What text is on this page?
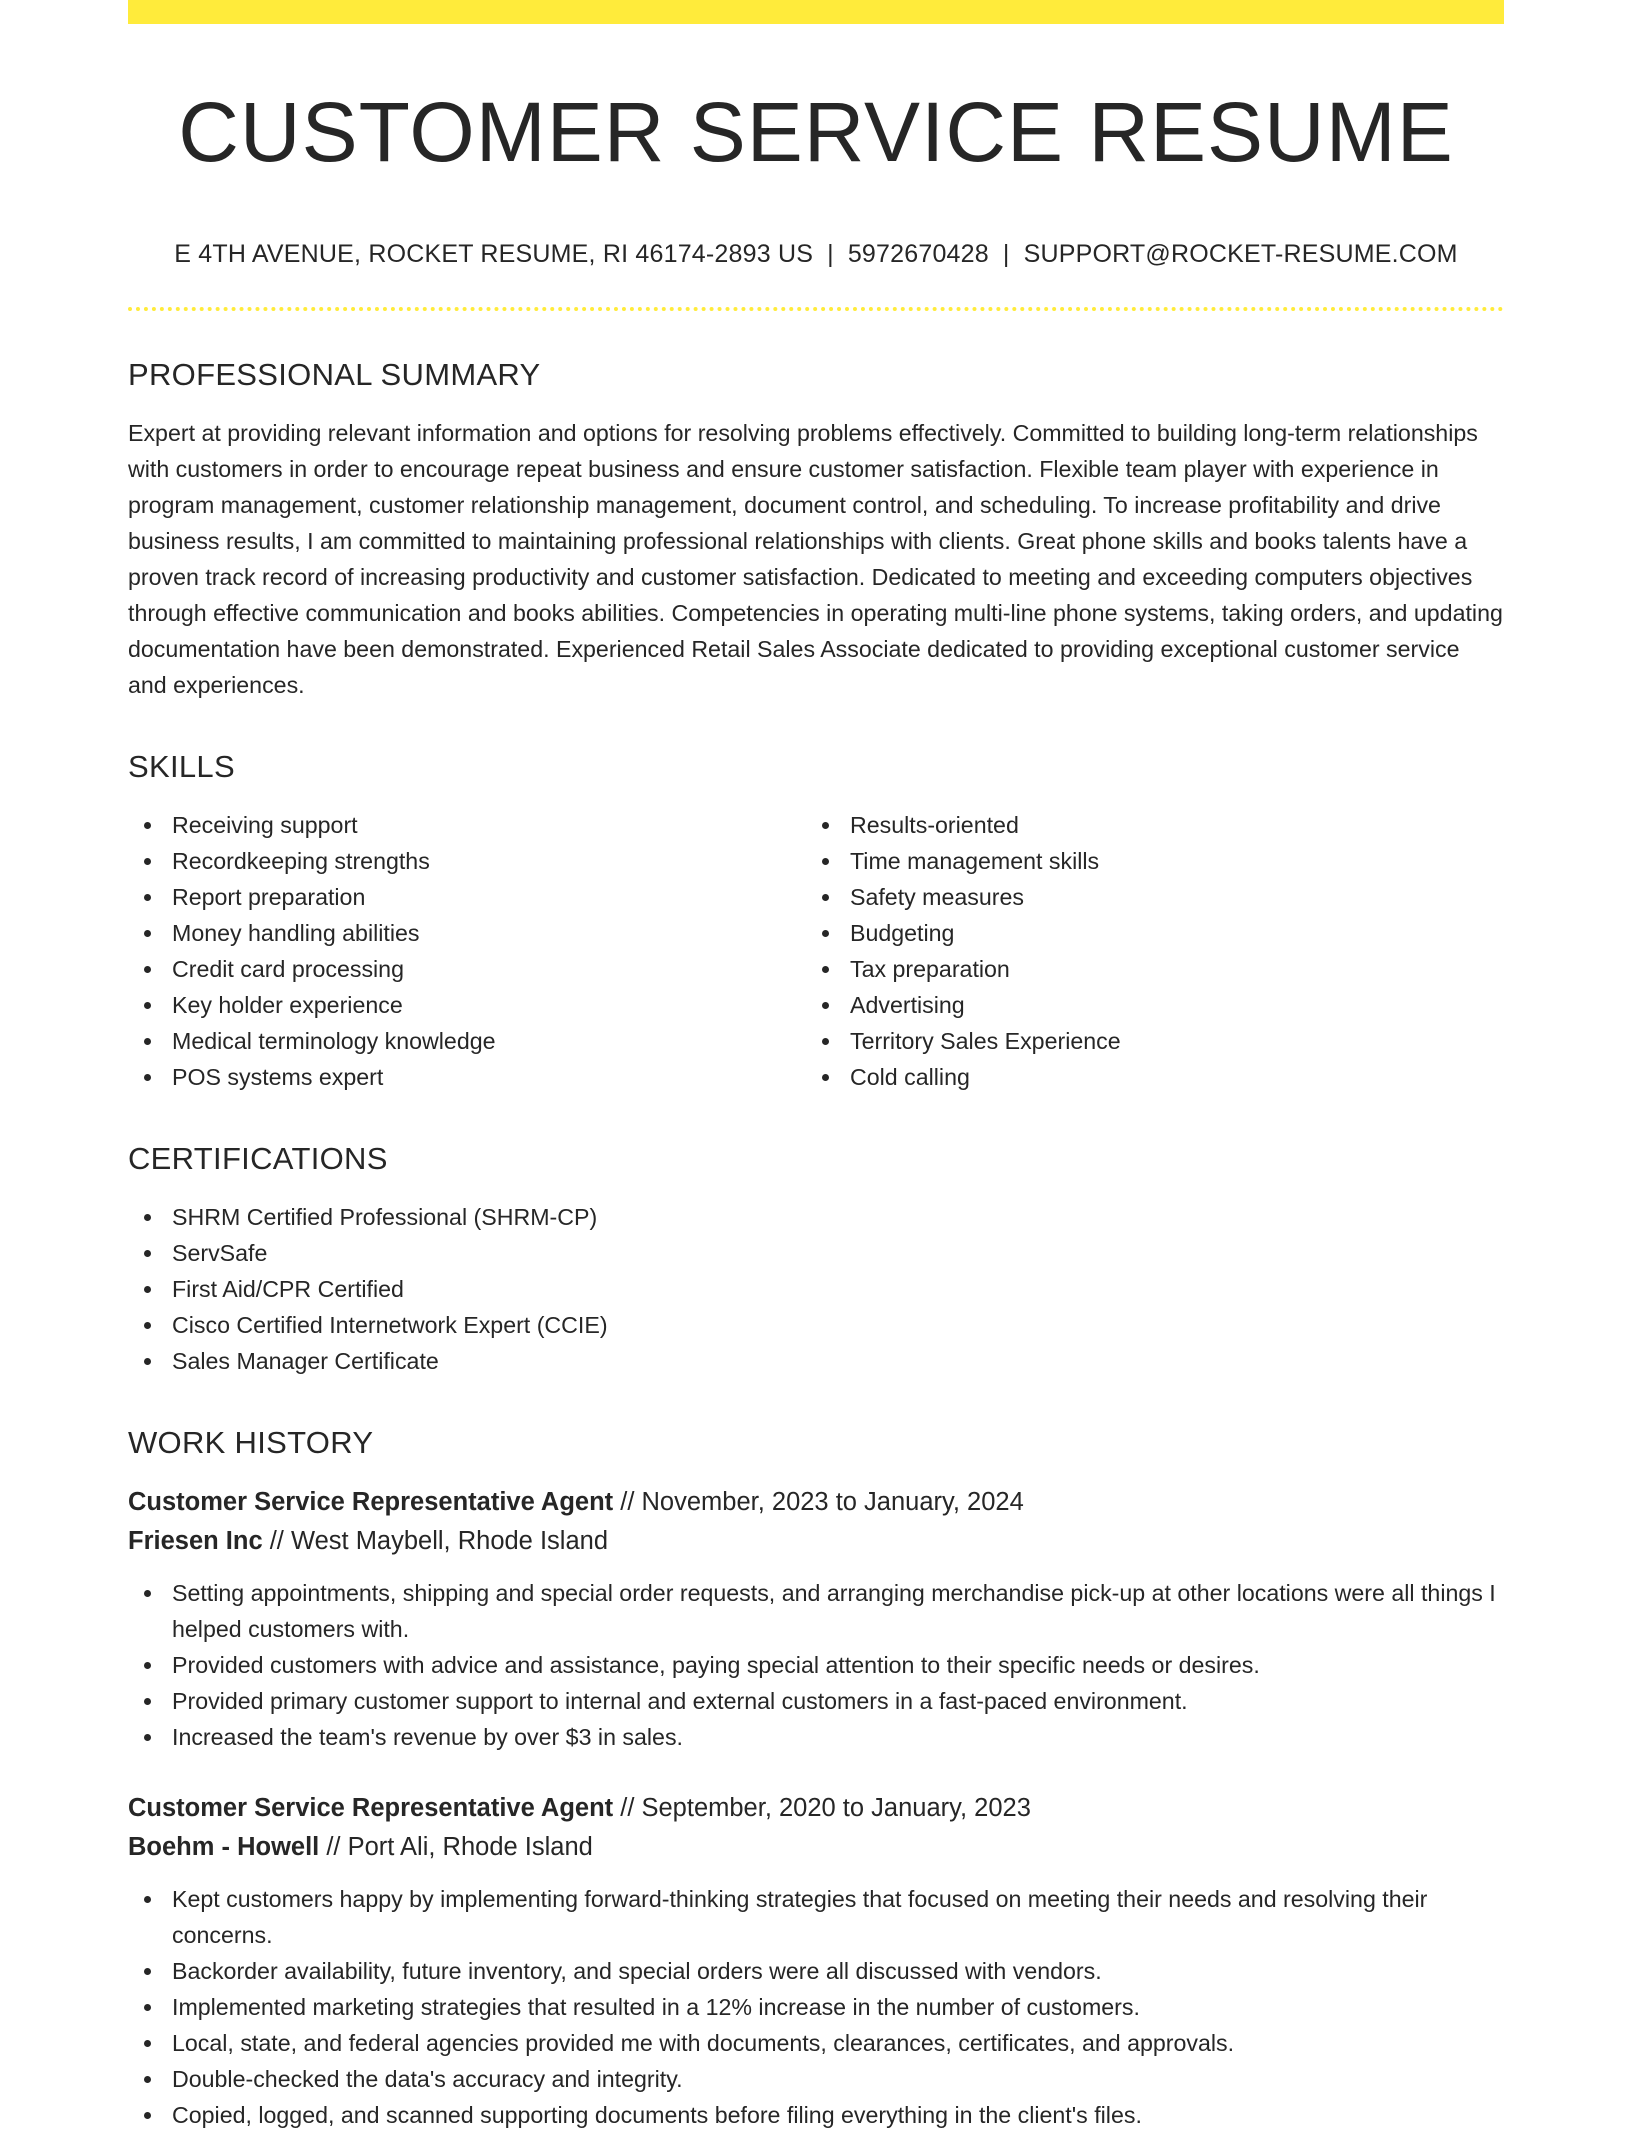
CUSTOMER SERVICE RESUME
E 4TH AVENUE, ROCKET RESUME, RI 46174-2893 US | 5972670428 | SUPPORT@ROCKET-RESUME.COM
PROFESSIONAL SUMMARY

Expert at providing relevant information and options for resolving problems effectively. Committed to building long-term relationships with customers in order to encourage repeat business and ensure customer satisfaction. Flexible team player with experience in program management, customer relationship management, document control, and scheduling. To increase profitability and drive business results, I am committed to maintaining professional relationships with clients. Great phone skills and books talents have a proven track record of increasing productivity and customer satisfaction. Dedicated to meeting and exceeding computers objectives through effective communication and books abilities. Competencies in operating multi-line phone systems, taking orders, and updating documentation have been demonstrated. Experienced Retail Sales Associate dedicated to providing exceptional customer service and experiences.

SKILLS
Receiving support
Recordkeeping strengths
Report preparation
Money handling abilities
Credit card processing
Key holder experience
Medical terminology knowledge
POS systems expert
Results-oriented
Time management skills
Safety measures
Budgeting
Tax preparation
Advertising
Territory Sales Experience
Cold calling
CERTIFICATIONS
SHRM Certified Professional (SHRM-CP)
ServSafe
First Aid/CPR Certified
Cisco Certified Internetwork Expert (CCIE)
Sales Manager Certificate
WORK HISTORY
Customer Service Representative Agent // November, 2023 to January, 2024
Friesen Inc // West Maybell, Rhode Island
Setting appointments, shipping and special order requests, and arranging merchandise pick-up at other locations were all things I helped customers with.
Provided customers with advice and assistance, paying special attention to their specific needs or desires.
Provided primary customer support to internal and external customers in a fast-paced environment.
Increased the team's revenue by over $3 in sales.
Customer Service Representative Agent // September, 2020 to January, 2023
Boehm - Howell // Port Ali, Rhode Island
Kept customers happy by implementing forward-thinking strategies that focused on meeting their needs and resolving their concerns.
Backorder availability, future inventory, and special orders were all discussed with vendors.
Implemented marketing strategies that resulted in a 12% increase in the number of customers.
Local, state, and federal agencies provided me with documents, clearances, certificates, and approvals.
Double-checked the data's accuracy and integrity.
Copied, logged, and scanned supporting documents before filing everything in the client's files.
